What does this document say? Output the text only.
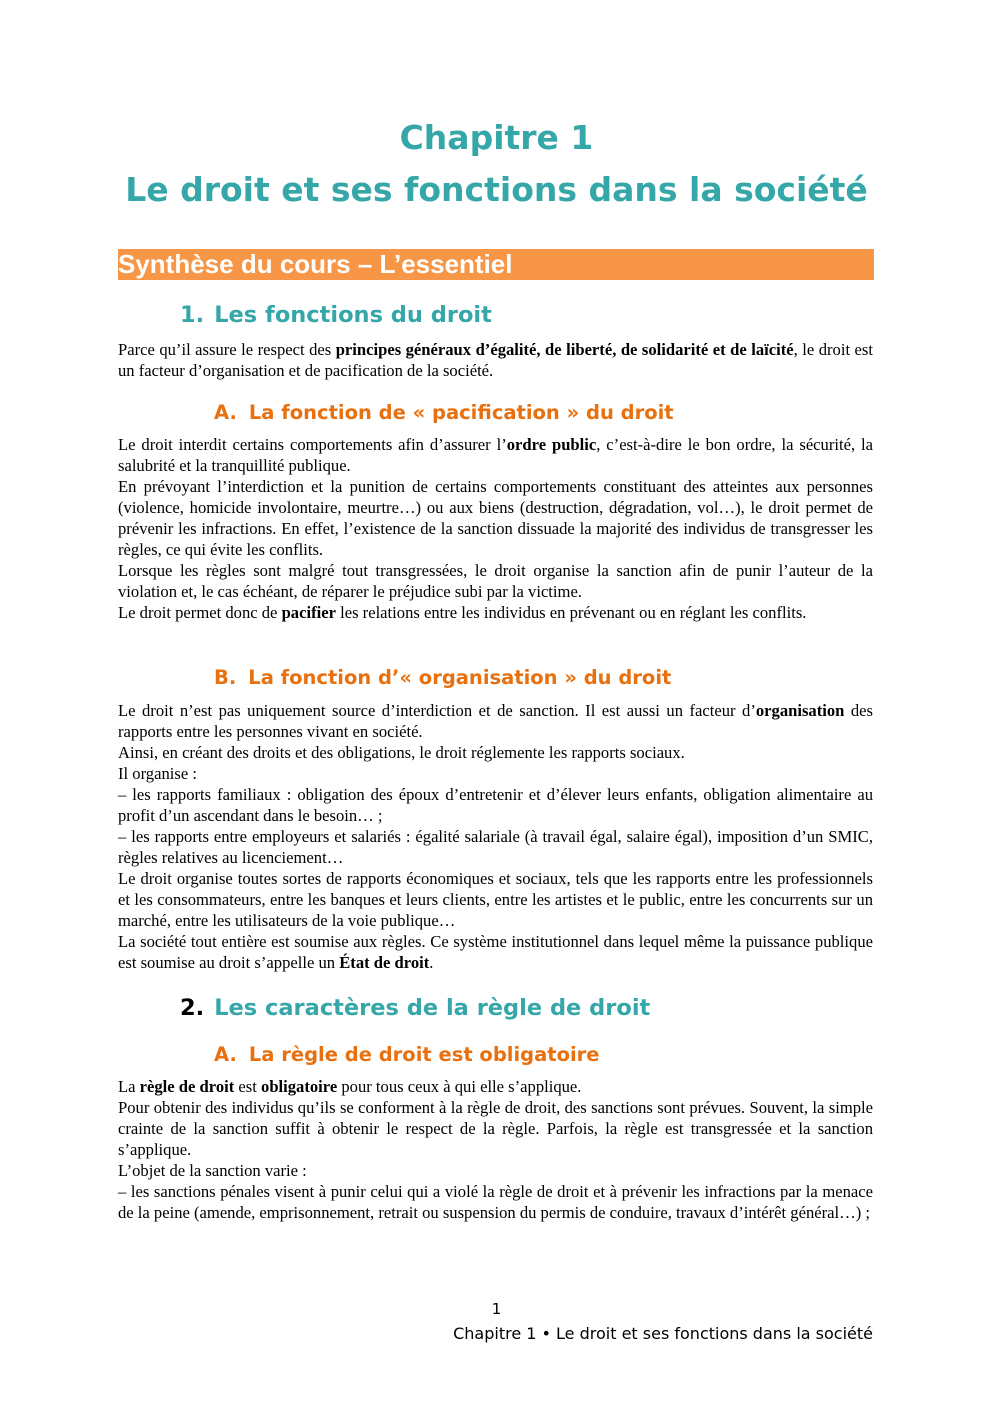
Chapitre 1
Le droit et ses fonctions dans la société
Synthèse du cours – L’essentiel
1. Les fonctions du droit

Parce qu’il assure le respect des principes généraux d’égalité, de liberté, de solidarité et de laïcité, le droit est un facteur d’organisation et de pacification de la société.

A. La fonction de « pacification » du droit

Le droit interdit certains comportements afin d’assurer l’ordre public, c’est-à-dire le bon ordre, la sécurité, la salubrité et la tranquillité publique.

En prévoyant l’interdiction et la punition de certains comportements constituant des atteintes aux personnes (violence, homicide involontaire, meurtre…) ou aux biens (destruction, dégradation, vol…), le droit permet de prévenir les infractions. En effet, l’existence de la sanction dissuade la majorité des individus de transgresser les règles, ce qui évite les conflits.

Lorsque les règles sont malgré tout transgressées, le droit organise la sanction afin de punir l’auteur de la violation et, le cas échéant, de réparer le préjudice subi par la victime.

Le droit permet donc de pacifier les relations entre les individus en prévenant ou en réglant les conflits.

B. La fonction d’« organisation » du droit

Le droit n’est pas uniquement source d’interdiction et de sanction. Il est aussi un facteur d’organisation des rapports entre les personnes vivant en société.

Ainsi, en créant des droits et des obligations, le droit réglemente les rapports sociaux.

Il organise :

– les rapports familiaux : obligation des époux d’entretenir et d’élever leurs enfants, obligation alimentaire au profit d’un ascendant dans le besoin… ;

– les rapports entre employeurs et salariés : égalité salariale (à travail égal, salaire égal), imposition d’un SMIC, règles relatives au licenciement…

Le droit organise toutes sortes de rapports économiques et sociaux, tels que les rapports entre les professionnels et les consommateurs, entre les banques et leurs clients, entre les artistes et le public, entre les concurrents sur un marché, entre les utilisateurs de la voie publique…

La société tout entière est soumise aux règles. Ce système institutionnel dans lequel même la puissance publique est soumise au droit s’appelle un État de droit.

2. Les caractères de la règle de droit
A. La règle de droit est obligatoire

La règle de droit est obligatoire pour tous ceux à qui elle s’applique.

Pour obtenir des individus qu’ils se conforment à la règle de droit, des sanctions sont prévues. Souvent, la simple crainte de la sanction suffit à obtenir le respect de la règle. Parfois, la règle est transgressée et la sanction s’applique.

L’objet de la sanction varie :

– les sanctions pénales visent à punir celui qui a violé la règle de droit et à prévenir les infractions par la menace de la peine (amende, emprisonnement, retrait ou suspension du permis de conduire, travaux d’intérêt général…) ;

1
Chapitre 1 • Le droit et ses fonctions dans la société
